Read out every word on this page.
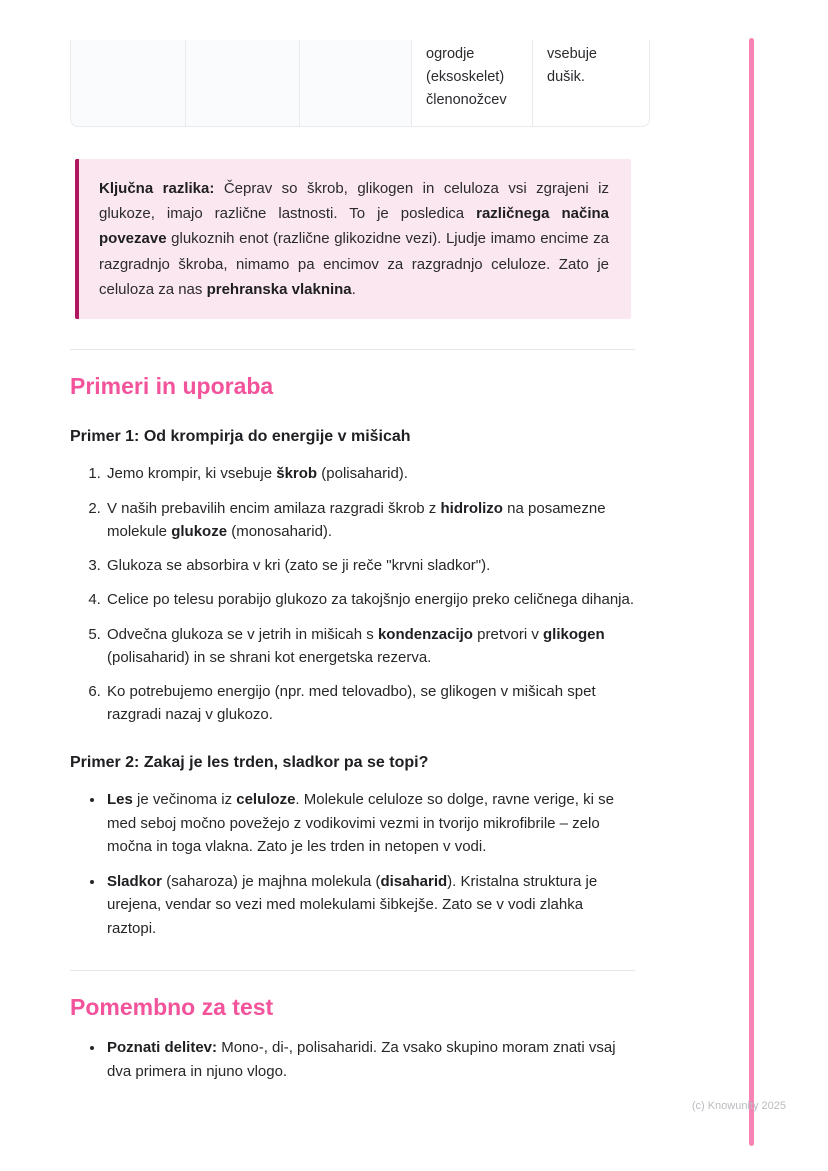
			ogrodje (eksoskelet) členonožcev	vsebuje dušik.
Ključna razlika: Čeprav so škrob, glikogen in celuloza vsi zgrajeni iz glukoze, imajo različne lastnosti. To je posledica različnega načina povezave glukoznih enot (različne glikozidne vezi). Ljudje imamo encime za razgradnjo škroba, nimamo pa encimov za razgradnjo celuloze. Zato je celuloza za nas prehranska vlaknina.
Primeri in uporaba
Primer 1: Od krompirja do energije v mišicah
1. Jemo krompir, ki vsebuje škrob (polisaharid).
2. V naših prebavilih encim amilaza razgradi škrob z hidrolizo na posamezne molekule glukoze (monosaharid).
3. Glukoza se absorbira v kri (zato se ji reče "krvni sladkor").
4. Celice po telesu porabijo glukozo za takojšnjo energijo preko celičnega dihanja.
5. Odvečna glukoza se v jetrih in mišicah s kondenzacijo pretvori v glikogen (polisaharid) in se shrani kot energetska rezerva.
6. Ko potrebujemo energijo (npr. med telovadbo), se glikogen v mišicah spet razgradi nazaj v glukozo.
Primer 2: Zakaj je les trden, sladkor pa se topi?
• Les je večinoma iz celuloze. Molekule celuloze so dolge, ravne verige, ki se med seboj močno povežejo z vodikovimi vezmi in tvorijo mikrofibrile – zelo močna in toga vlakna. Zato je les trden in netopen v vodi.
• Sladkor (saharoza) je majhna molekula (disaharid). Kristalna struktura je urejena, vendar so vezi med molekulami šibkejše. Zato se v vodi zlahka raztopi.
Pomembno za test
• Poznati delitev: Mono-, di-, polisaharidi. Za vsako skupino moram znati vsaj dva primera in njuno vlogo.
(c) Knowunity 2025
